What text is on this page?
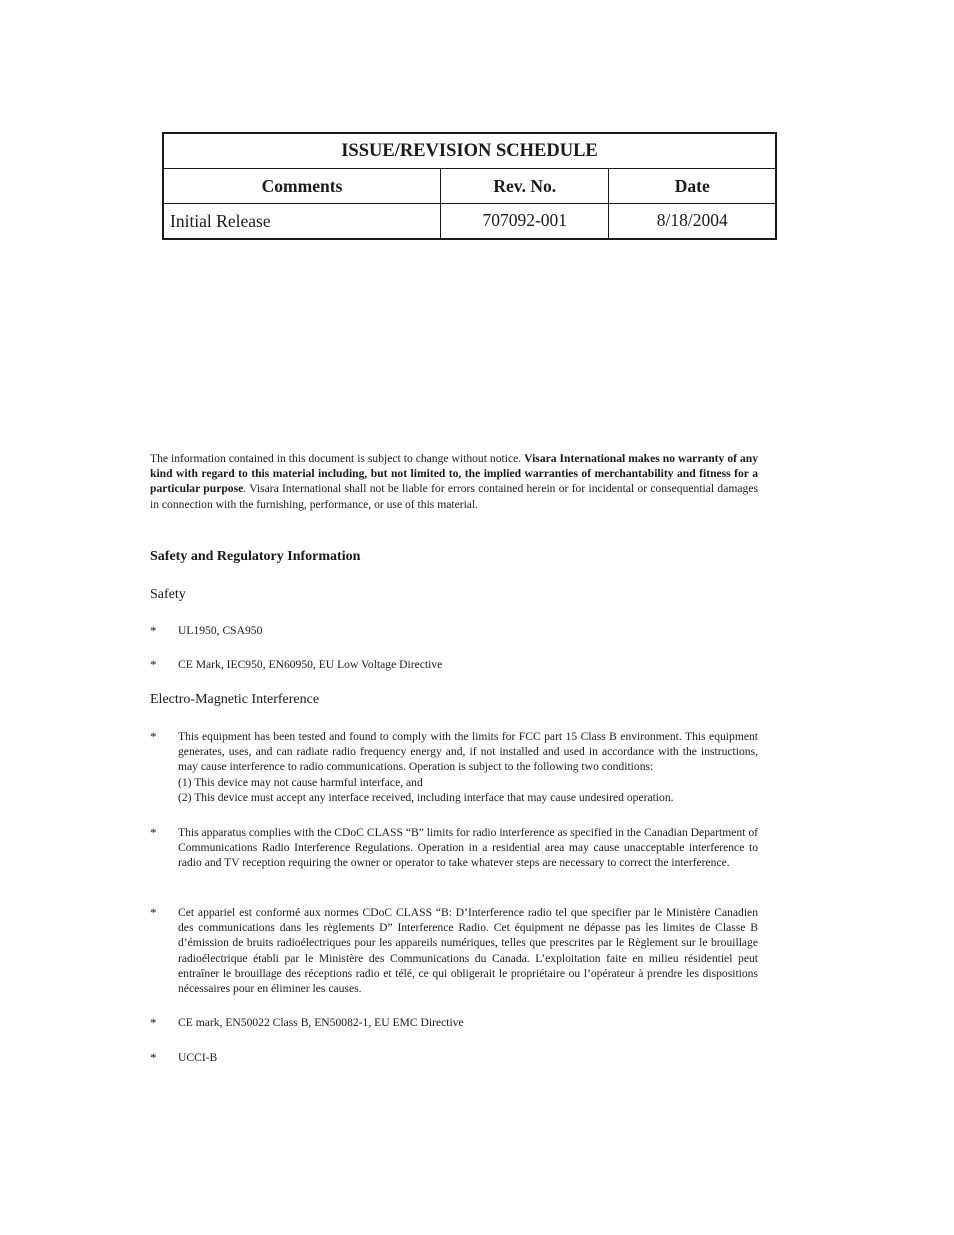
ISSUE/REVISION SCHEDULE		
Comments	Rev. No.	Date
Initial Release	707092-001	8/18/2004

The information contained in this document is subject to change without notice. Visara International makes no warranty of any kind with regard to this material including, but not limited to, the implied warranties of merchantability and fitness for a particular purpose. Visara International shall not be liable for errors contained herein or for incidental or consequential damages in connection with the furnishing, performance, or use of this material.

Safety and Regulatory Information

Safety

* UL1950, CSA950
* CE Mark, IEC950, EN60950, EU Low Voltage Directive

Electro-Magnetic Interference

* This equipment has been tested and found to comply with the limits for FCC part 15 Class B environment. This equipment generates, uses, and can radiate radio frequency energy and, if not installed and used in accordance with the instructions, may cause interference to radio communications. Operation is subject to the following two conditions:
(1) This device may not cause harmful interface, and
(2) This device must accept any interface received, including interface that may cause undesired operation.
* This apparatus complies with the CDoC CLASS “B” limits for radio interference as specified in the Canadian Department of Communications Radio Interference Regulations. Operation in a residential area may cause unacceptable interference to radio and TV reception requiring the owner or operator to take whatever steps are necessary to correct the interference.
* Cet appariel est conformé aux normes CDoC CLASS “B: D’Interference radio tel que specifier par le Ministère Canadien des communications dans les règlements D” Interference Radio. Cet équipment ne dépasse pas les limites de Classe B d’émission de bruits radioélectriques pour les appareils numériques, telles que prescrites par le Règlement sur le brouillage radioélectrique établi par le Ministère des Communications du Canada. L’exploitation faite en milieu résidentiel peut entraîner le brouillage des réceptions radio et télé, ce qui obligerait le propriétaire ou l’opérateur à prendre les dispositions nécessaires pour en éliminer les causes.
* CE mark, EN50022 Class B, EN50082-1, EU EMC Directive
* UCCI-B
